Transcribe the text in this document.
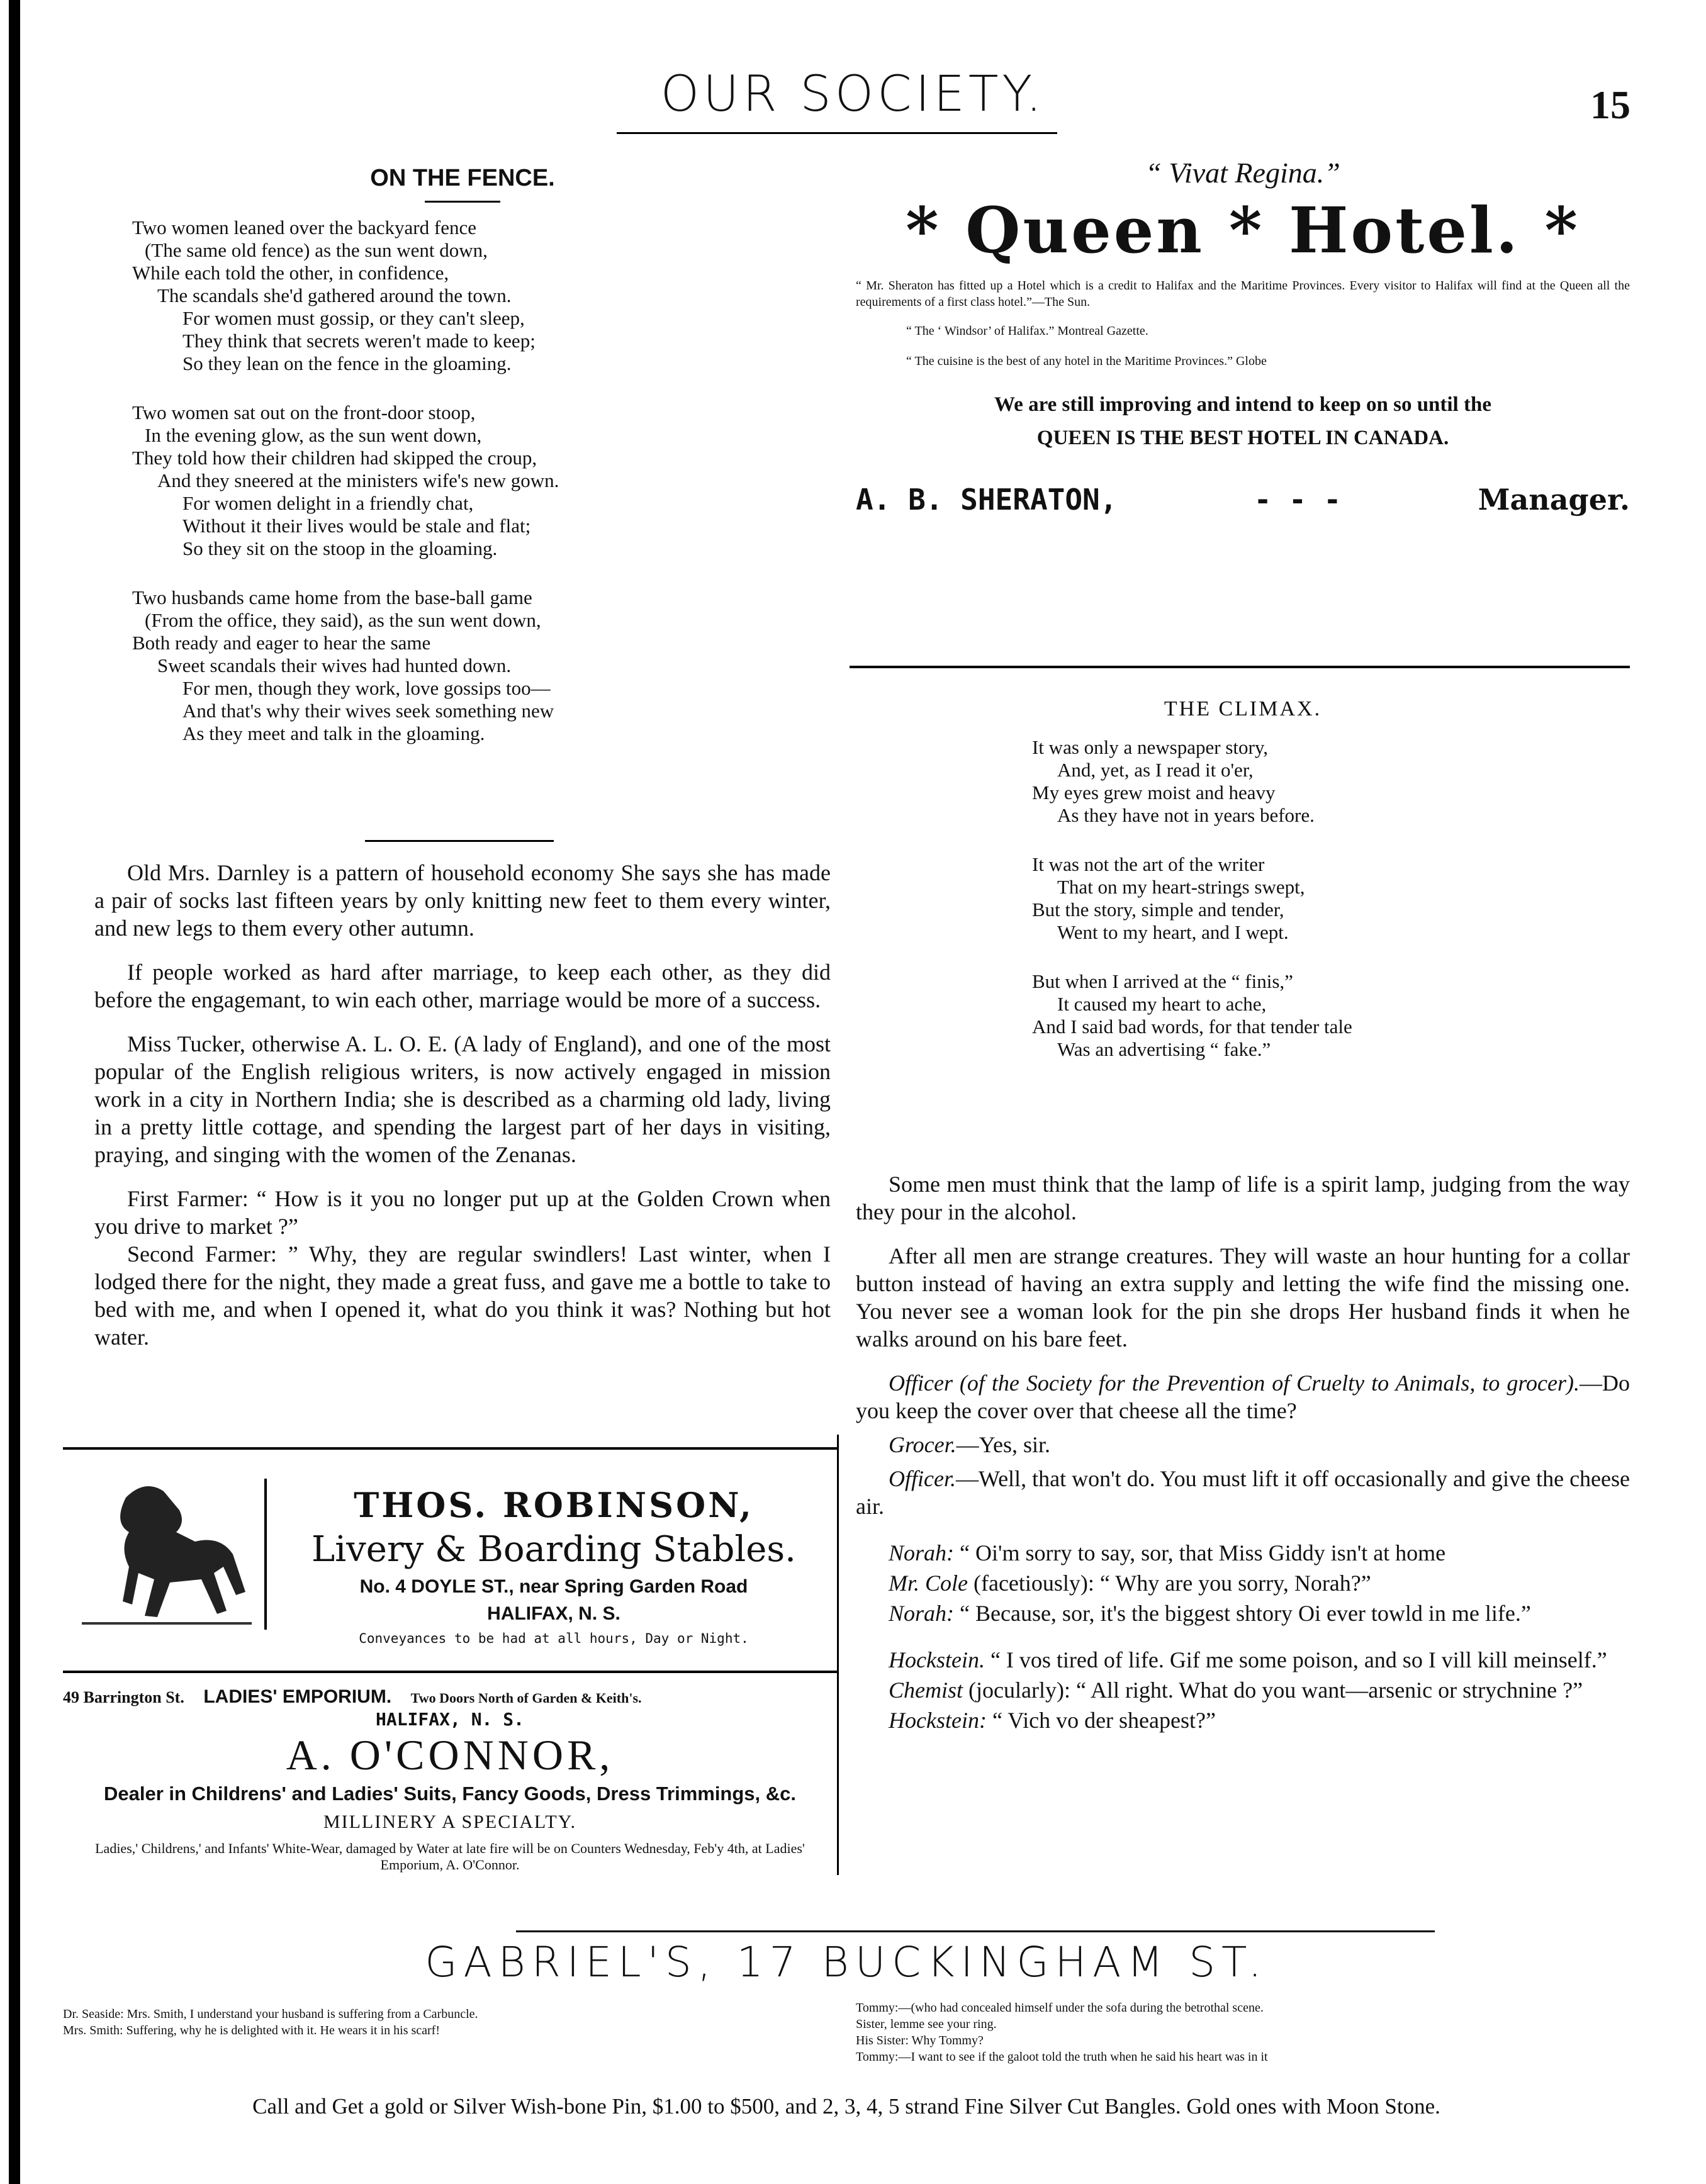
OUR SOCIETY.	15
ON THE FENCE.

Two women leaned over the backyard fence

(The same old fence) as the sun went down,

While each told the other, in confidence,

The scandals she'd gathered around the town.

For women must gossip, or they can't sleep,

They think that secrets weren't made to keep;

So they lean on the fence in the gloaming.

Two women sat out on the front-door stoop,

In the evening glow, as the sun went down,

They told how their children had skipped the croup,

And they sneered at the ministers wife's new gown.

For women delight in a friendly chat,

Without it their lives would be stale and flat;

So they sit on the stoop in the gloaming.

Two husbands came home from the base-ball game

(From the office, they said), as the sun went down,

Both ready and eager to hear the same

Sweet scandals their wives had hunted down.

For men, though they work, love gossips too—

And that's why their wives seek something new

As they meet and talk in the gloaming.

Old Mrs. Darnley is a pattern of household economy She says she has made a pair of socks last fifteen years by only knitting new feet to them every winter, and new legs to them every other autumn.

If people worked as hard after marriage, to keep each other, as they did before the engagemant, to win each other, marriage would be more of a success.

Miss Tucker, otherwise A. L. O. E. (A lady of England), and one of the most popular of the English religious writers, is now actively engaged in mission work in a city in Northern India; she is described as a charming old lady, living in a pretty little cottage, and spending the largest part of her days in visiting, praying, and singing with the women of the Zenanas.

First Farmer: “ How is it you no longer put up at the Golden Crown when you drive to market ?”

Second Farmer: ” Why, they are regular swindlers! Last winter, when I lodged there for the night, they made a great fuss, and gave me a bottle to take to bed with me, and when I opened it, what do you think it was? Nothing but hot water.

THOS. ROBINSON,
Livery & Boarding Stables.
No. 4 DOYLE ST., near Spring Garden Road
HALIFAX, N. S.
Conveyances to be had at all hours, Day or Night.
49 Barrington St. LADIES' EMPORIUM. Two Doors North of Garden & Keith's.
HALIFAX, N. S.
A. O'CONNOR,
Dealer in Childrens' and Ladies' Suits, Fancy Goods, Dress Trimmings, &c.
MILLINERY A SPECIALTY.
Ladies,' Childrens,' and Infants' White-Wear, damaged by Water at late fire will be on Counters Wednesday, Feb'y 4th, at Ladies' Emporium, A. O'Connor.
“ Vivat Regina.”
* Queen * Hotel. *
“ Mr. Sheraton has fitted up a Hotel which is a credit to Halifax and the Maritime Provinces. Every visitor to Halifax will find at the Queen all the requirements of a first class hotel.”—The Sun.
“ The ‘ Windsor’ of Halifax.” Montreal Gazette.
“ The cuisine is the best of any hotel in the Maritime Provinces.” Globe
We are still improving and intend to keep on so until the
QUEEN IS THE BEST HOTEL IN CANADA.
A. B. SHERATON,	- - -	Manager.
THE CLIMAX.

It was only a newspaper story,

And, yet, as I read it o'er,

My eyes grew moist and heavy

As they have not in years before.

It was not the art of the writer

That on my heart-strings swept,

But the story, simple and tender,

Went to my heart, and I wept.

But when I arrived at the “ finis,”

It caused my heart to ache,

And I said bad words, for that tender tale

Was an advertising “ fake.”

Some men must think that the lamp of life is a spirit lamp, judging from the way they pour in the alcohol.

After all men are strange creatures. They will waste an hour hunting for a collar button instead of having an extra supply and letting the wife find the missing one. You never see a woman look for the pin she drops Her husband finds it when he walks around on his bare feet.

Officer (of the Society for the Prevention of Cruelty to Animals, to grocer).—Do you keep the cover over that cheese all the time?

Grocer.—Yes, sir.

Officer.—Well, that won't do. You must lift it off occasionally and give the cheese air.

Norah: “ Oi'm sorry to say, sor, that Miss Giddy isn't at home

Mr. Cole (facetiously): “ Why are you sorry, Norah?”

Norah: “ Because, sor, it's the biggest shtory Oi ever towld in me life.”

Hockstein. “ I vos tired of life. Gif me some poison, and so I vill kill meinself.”

Chemist (jocularly): “ All right. What do you want—arsenic or strychnine ?”

Hockstein: “ Vich vo der sheapest?”

GABRIEL'S, 17 BUCKINGHAM ST.
Dr. Seaside: Mrs. Smith, I understand your husband is suffering from a Carbuncle.
Mrs. Smith: Suffering, why he is delighted with it. He wears it in his scarf!
Tommy:—(who had concealed himself under the sofa during the betrothal scene.
Sister, lemme see your ring.
His Sister: Why Tommy?
Tommy:—I want to see if the galoot told the truth when he said his heart was in it
Call and Get a gold or Silver Wish-bone Pin, $1.00 to $500, and 2, 3, 4, 5 strand Fine Silver Cut Bangles. Gold ones with Moon Stone.
